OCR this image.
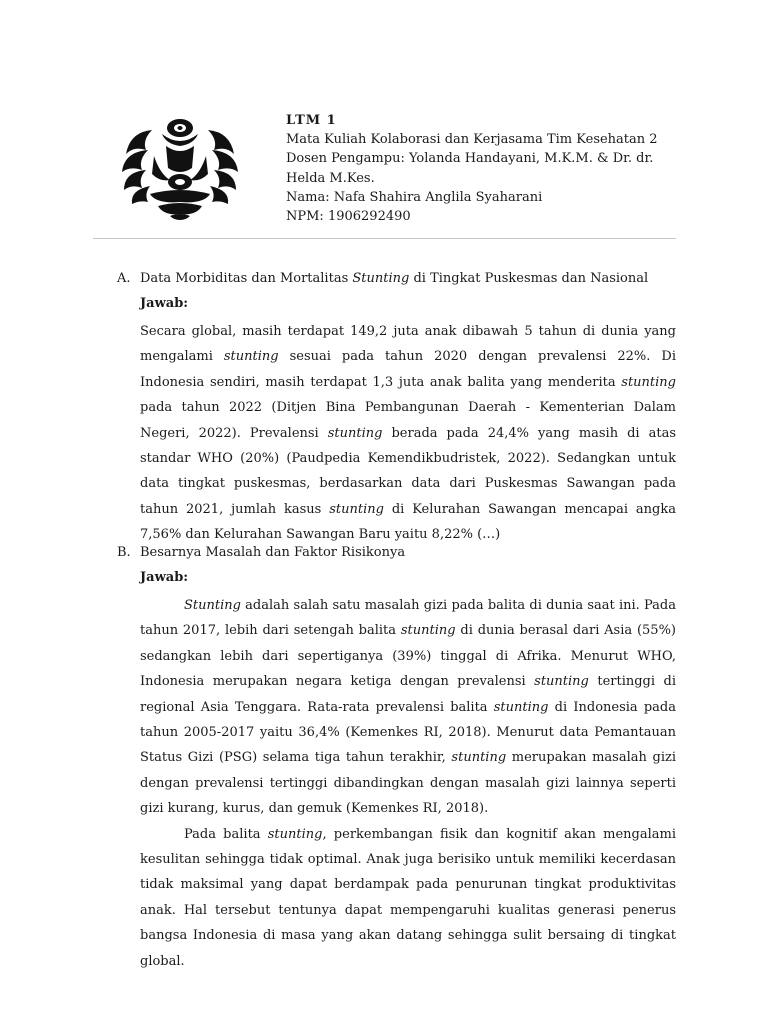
LTM 1
Mata Kuliah Kolaborasi dan Kerjasama Tim Kesehatan 2
Dosen Pengampu: Yolanda Handayani, M.K.M. & Dr. dr.
Helda M.Kes.
Nama: Nafa Shahira Anglila Syaharani
NPM: 1906292490
A. Data Morbiditas dan Mortalitas Stunting di Tingkat Puskesmas dan Nasional
Jawab:

Secara global, masih terdapat 149,2 juta anak dibawah 5 tahun di dunia yang mengalami stunting sesuai pada tahun 2020 dengan prevalensi 22%. Di Indonesia sendiri, masih terdapat 1,3 juta anak balita yang menderita stunting pada tahun 2022 (Ditjen Bina Pembangunan Daerah - Kementerian Dalam Negeri, 2022). Prevalensi stunting berada pada 24,4% yang masih di atas standar WHO (20%) (Paudpedia Kemendikbudristek, 2022). Sedangkan untuk data tingkat puskesmas, berdasarkan data dari Puskesmas Sawangan pada tahun 2021, jumlah kasus stunting di Kelurahan Sawangan mencapai angka 7,56% dan Kelurahan Sawangan Baru yaitu 8,22% (…)

B. Besarnya Masalah dan Faktor Risikonya
Jawab:

Stunting adalah salah satu masalah gizi pada balita di dunia saat ini. Pada tahun 2017, lebih dari setengah balita stunting di dunia berasal dari Asia (55%) sedangkan lebih dari sepertiganya (39%) tinggal di Afrika. Menurut WHO, Indonesia merupakan negara ketiga dengan prevalensi stunting tertinggi di regional Asia Tenggara. Rata-rata prevalensi balita stunting di Indonesia pada tahun 2005-2017 yaitu 36,4% (Kemenkes RI, 2018). Menurut data Pemantauan Status Gizi (PSG) selama tiga tahun terakhir, stunting merupakan masalah gizi dengan prevalensi tertinggi dibandingkan dengan masalah gizi lainnya seperti gizi kurang, kurus, dan gemuk (Kemenkes RI, 2018).

Pada balita stunting, perkembangan fisik dan kognitif akan mengalami kesulitan sehingga tidak optimal. Anak juga berisiko untuk memiliki kecerdasan tidak maksimal yang dapat berdampak pada penurunan tingkat produktivitas anak. Hal tersebut tentunya dapat mempengaruhi kualitas generasi penerus bangsa Indonesia di masa yang akan datang sehingga sulit bersaing di tingkat global.
